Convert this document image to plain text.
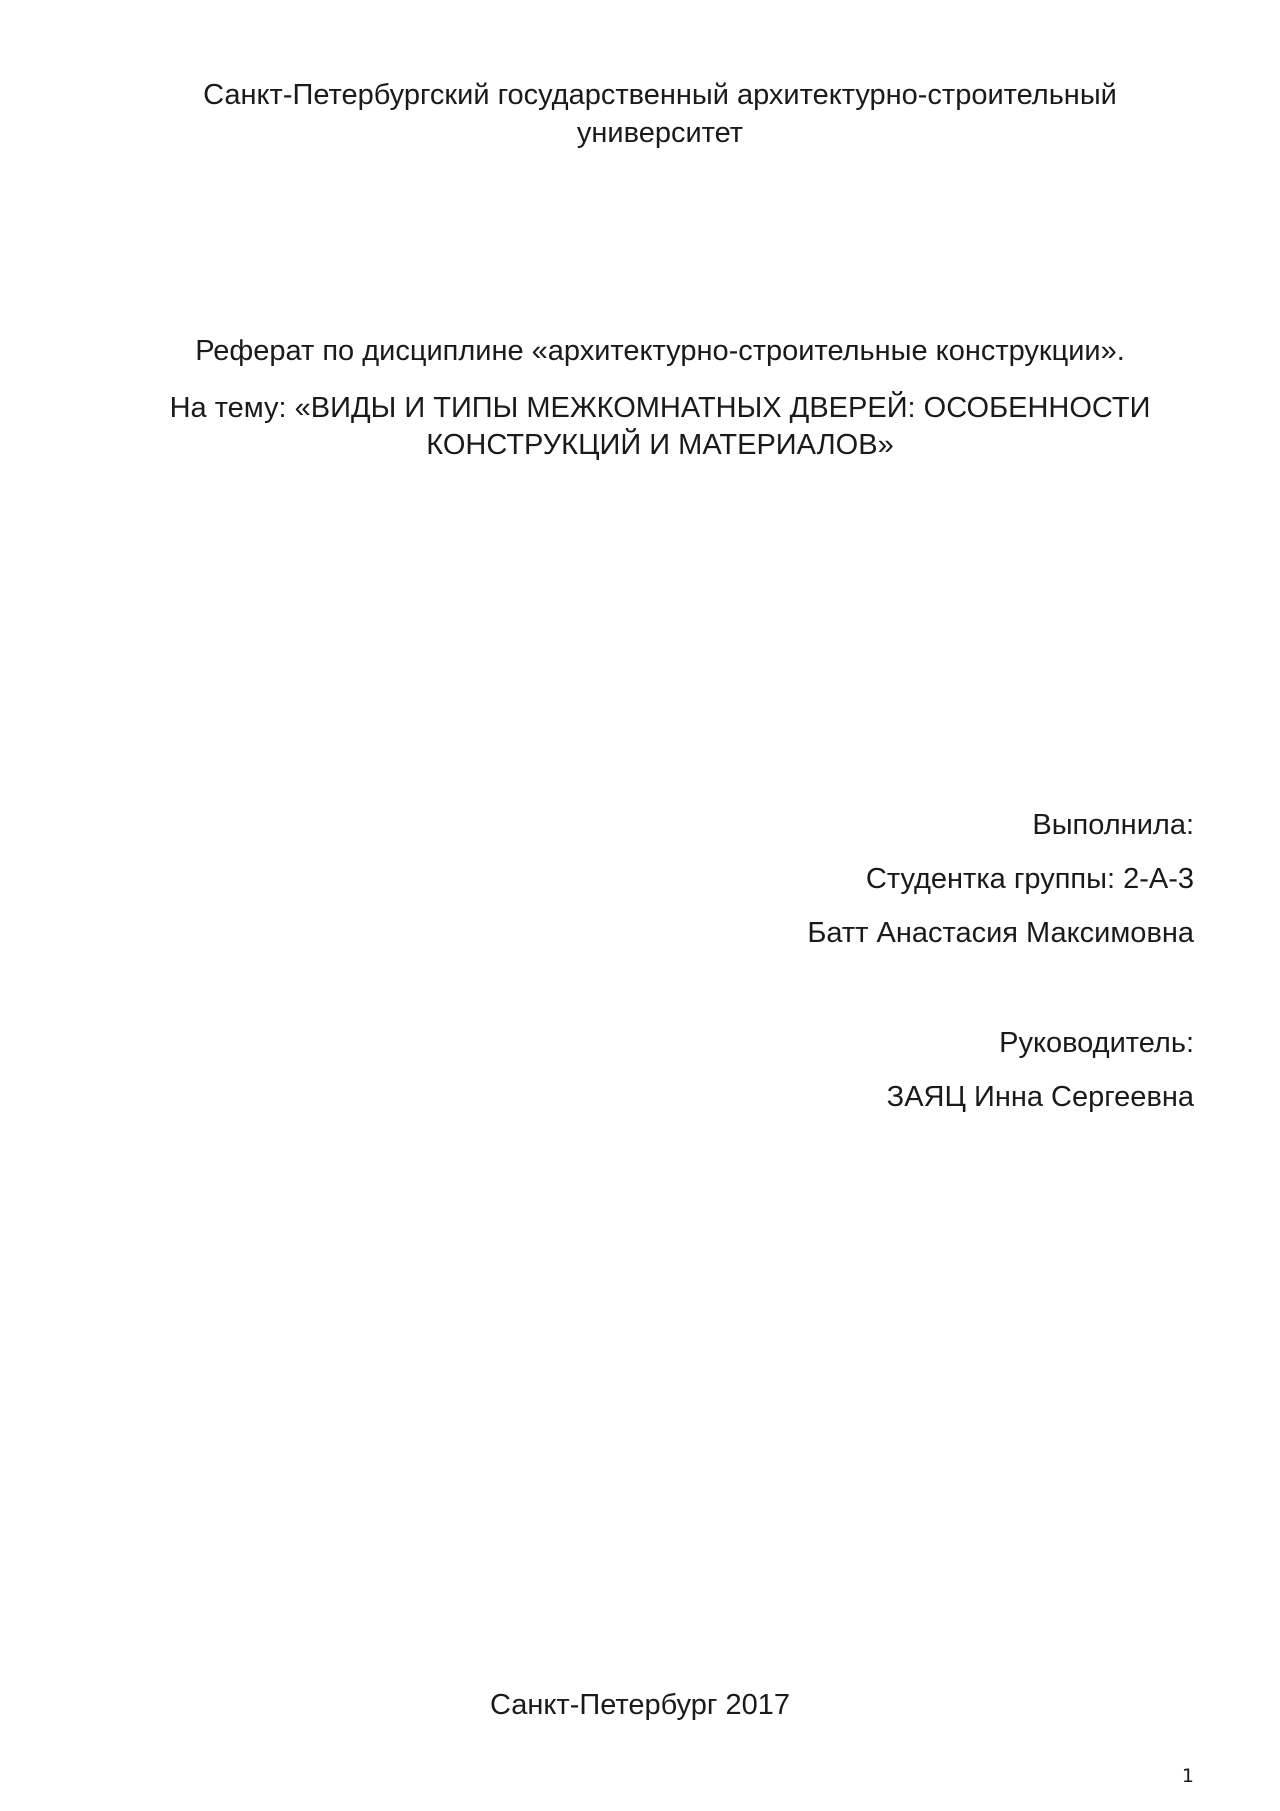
Санкт-Петербургский государственный архитектурно-строительный
университет
Реферат по дисциплине «архитектурно-строительные конструкции».
На тему: «ВИДЫ И ТИПЫ МЕЖКОМНАТНЫХ ДВЕРЕЙ: ОСОБЕННОСТИ
КОНСТРУКЦИЙ И МАТЕРИАЛОВ»
Выполнила:
Студентка группы: 2-А-3
Батт Анастасия Максимовна
Руководитель:
ЗАЯЦ Инна Сергеевна
Санкт-Петербург 2017
1
